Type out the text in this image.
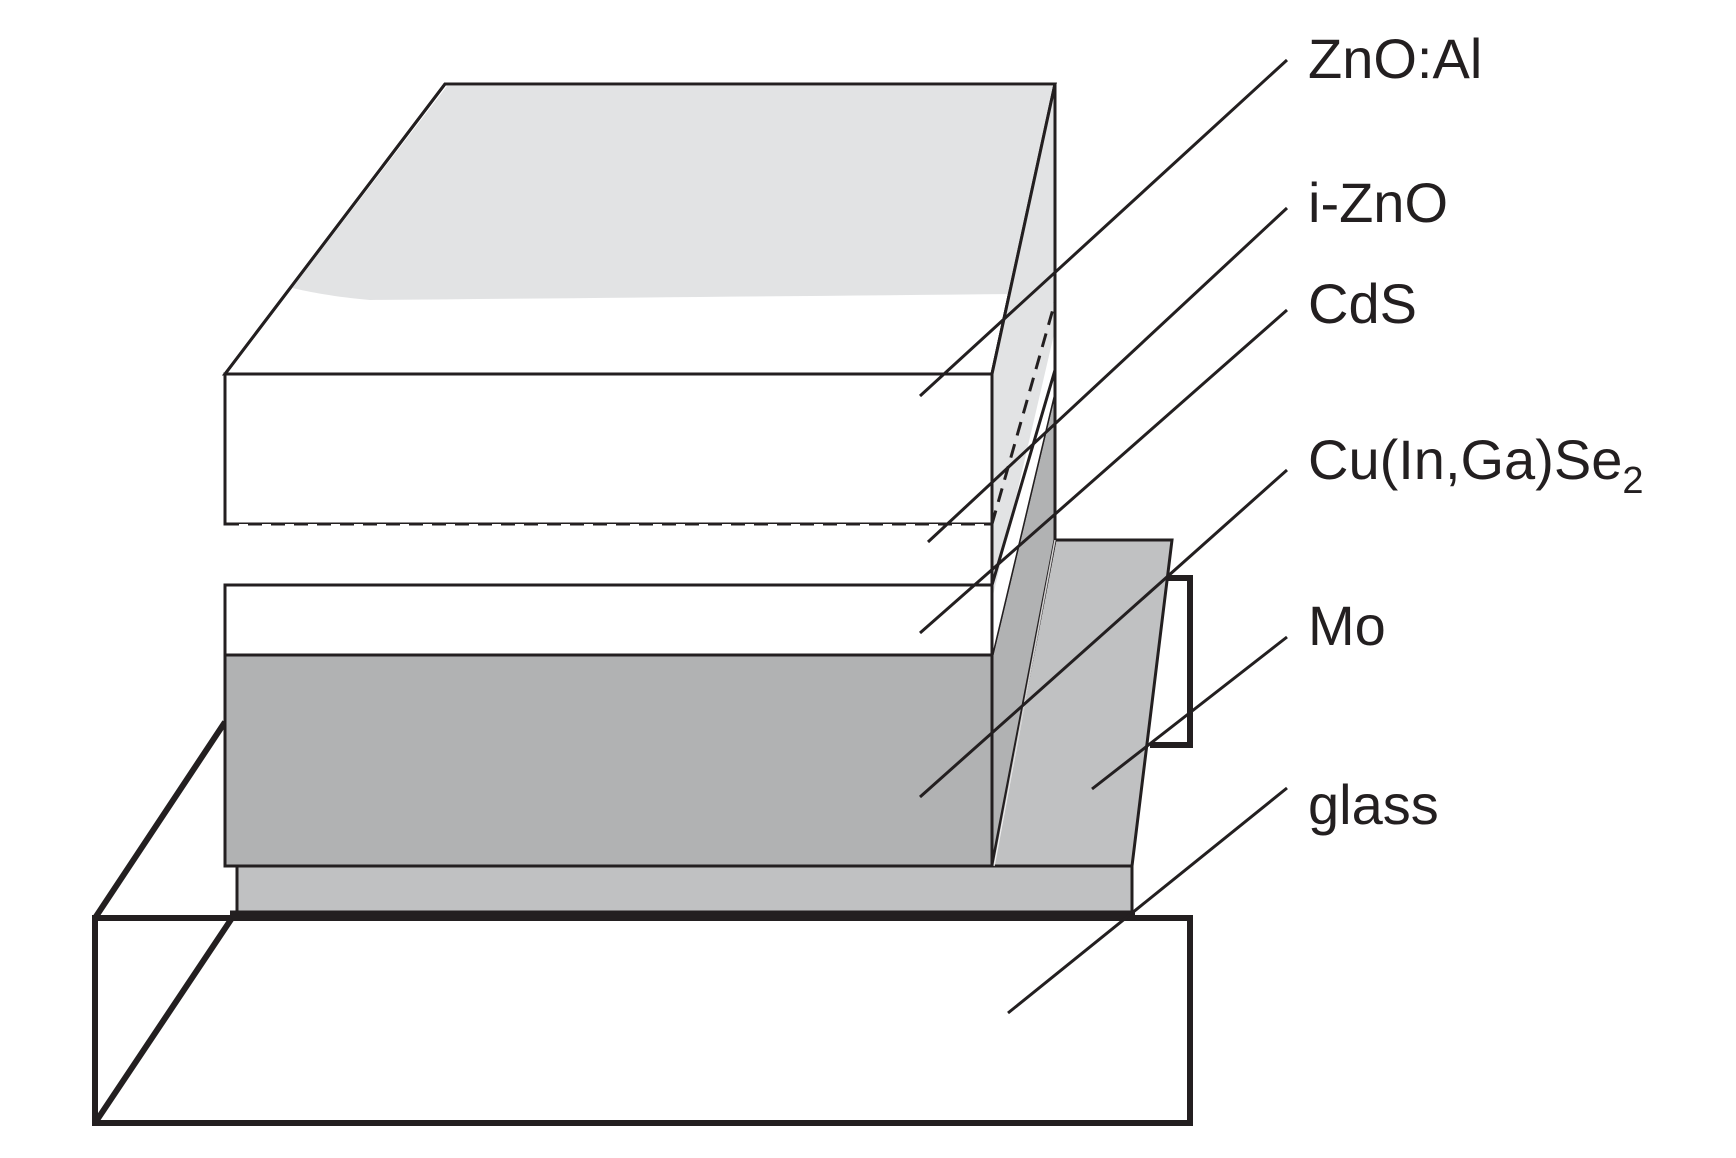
ZnO:Al
i-ZnO
CdS
$Cu(In,Ga)Se_2$
Mo
glass
